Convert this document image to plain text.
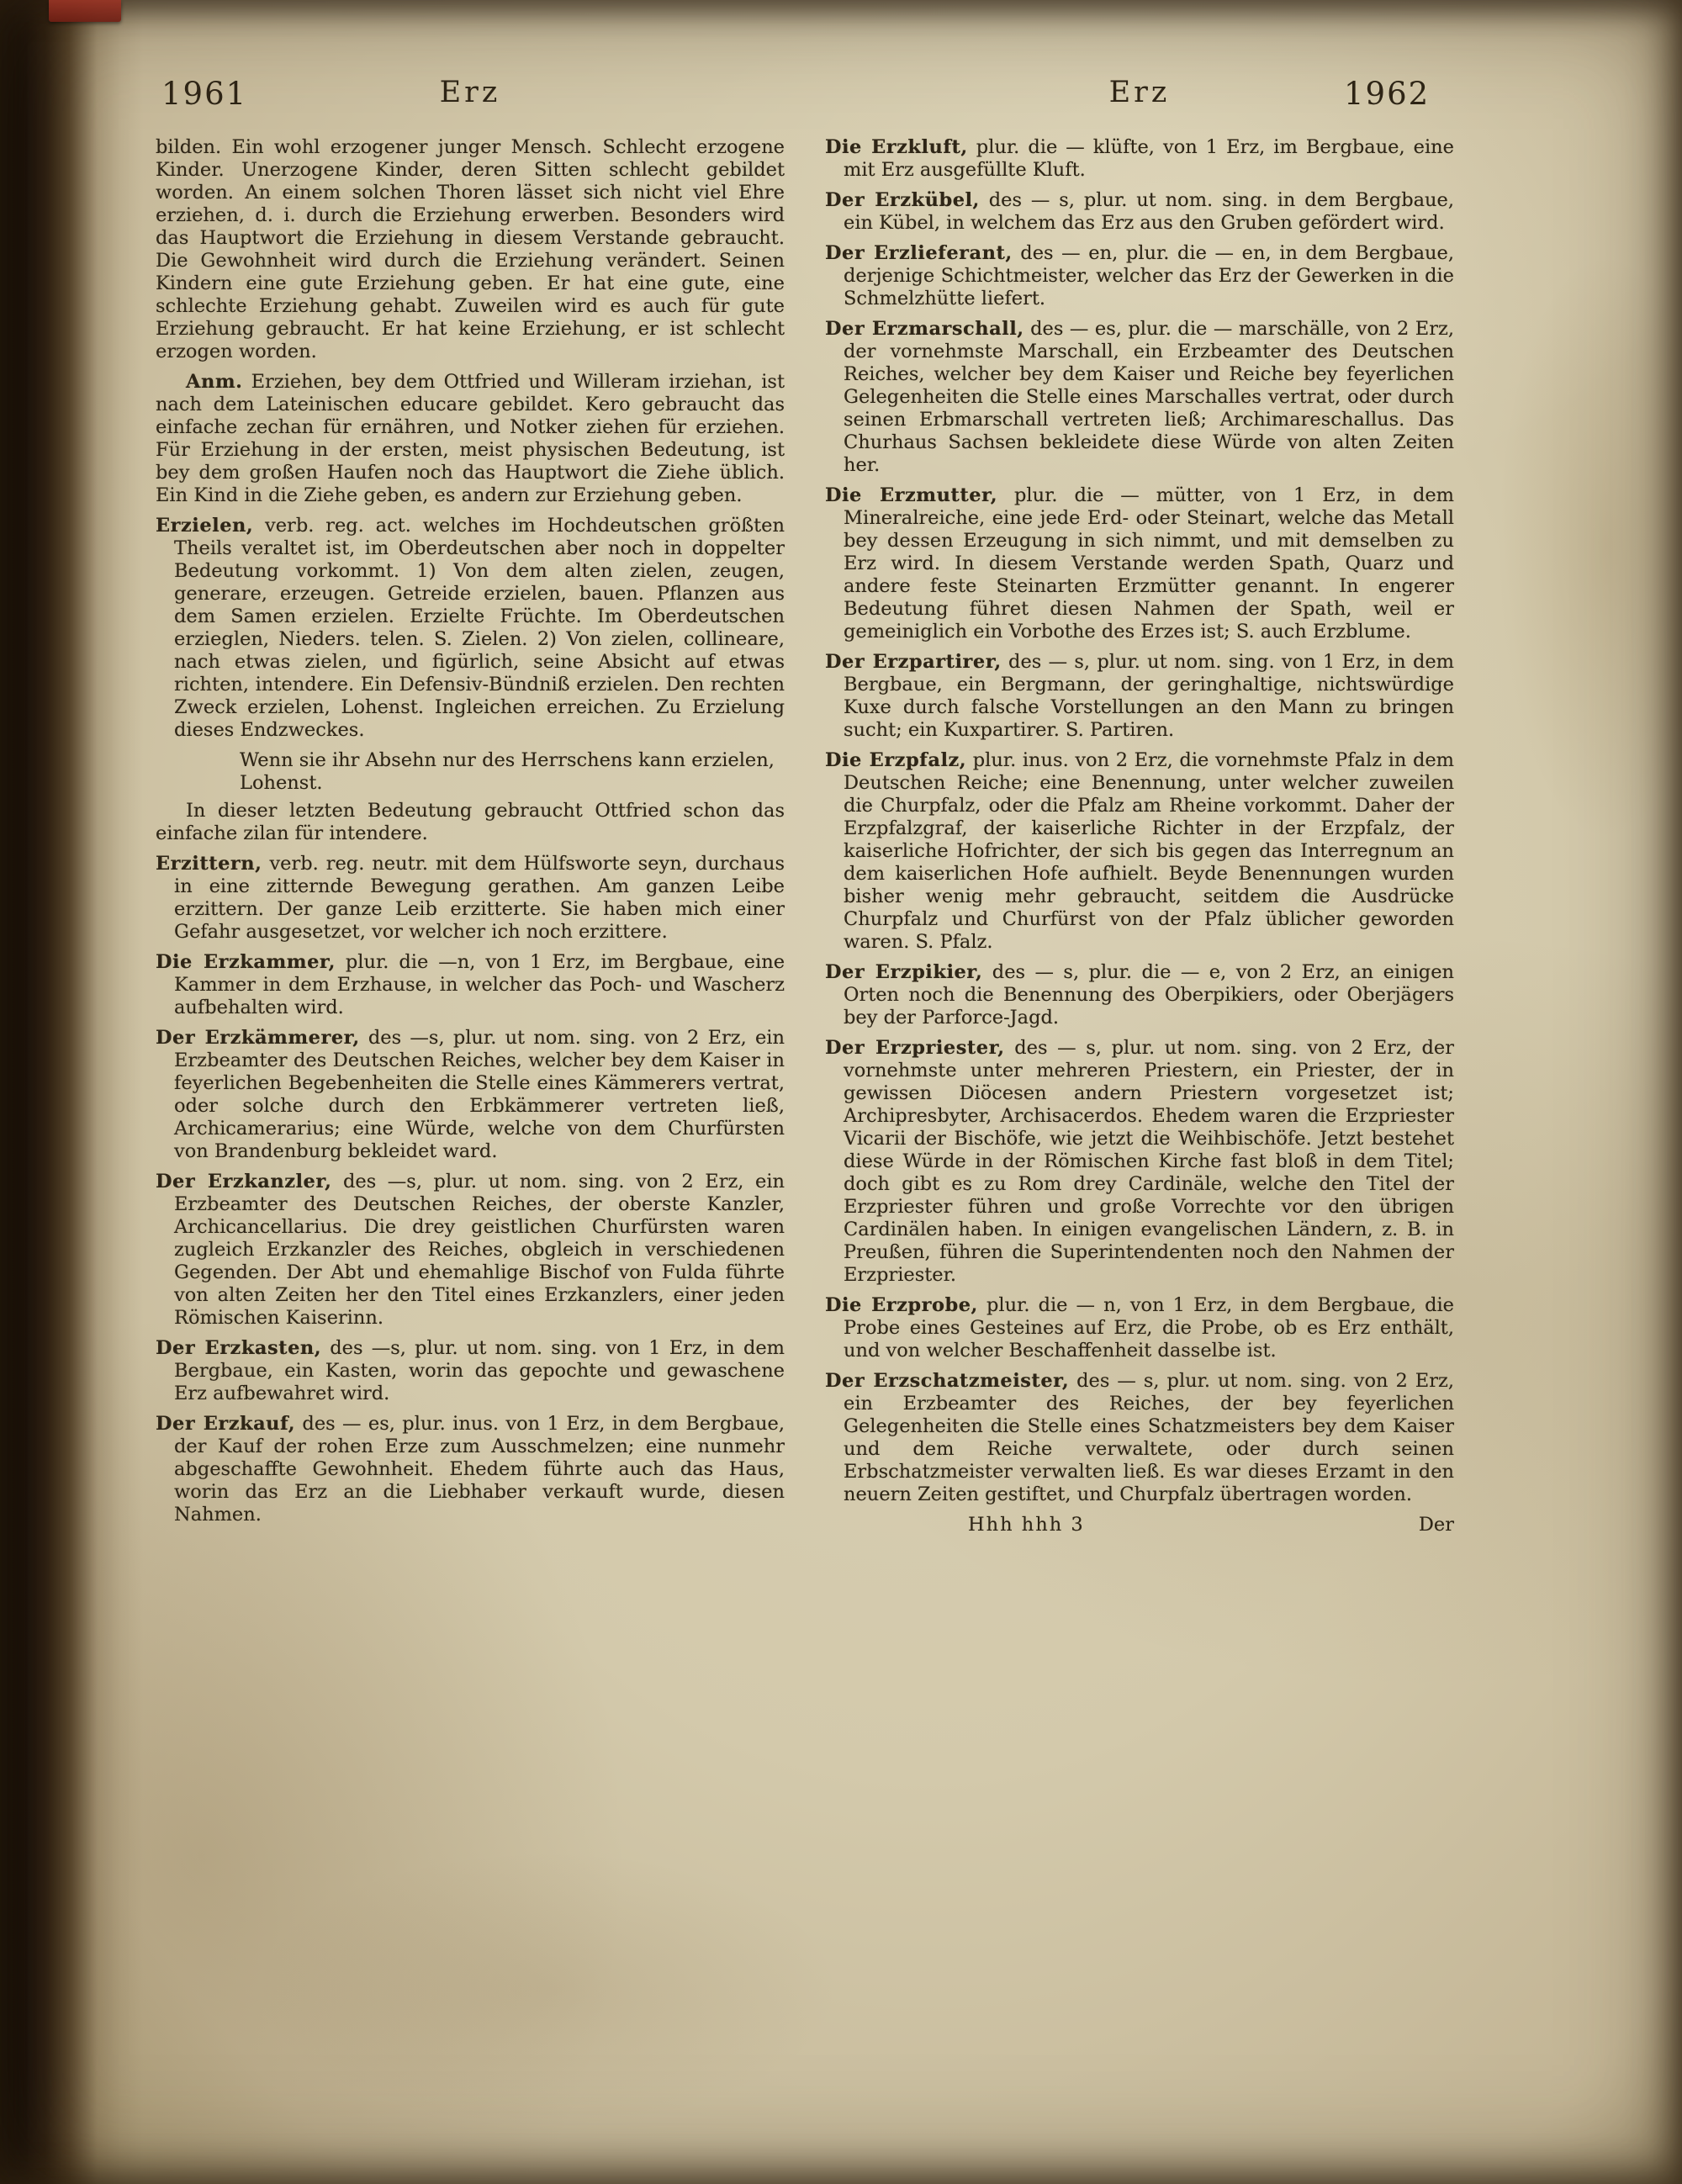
1961	Erz	Erz	1962

bilden. Ein wohl erzogener junger Mensch. Schlecht erzogene Kinder. Unerzogene Kinder, deren Sitten schlecht gebildet worden. An einem solchen Thoren lässet sich nicht viel Ehre erziehen, d. i. durch die Erziehung erwerben. Besonders wird das Hauptwort die Erziehung in diesem Verstande gebraucht. Die Gewohnheit wird durch die Erziehung verändert. Seinen Kindern eine gute Erziehung geben. Er hat eine gute, eine schlechte Erziehung gehabt. Zuweilen wird es auch für gute Erziehung gebraucht. Er hat keine Erziehung, er ist schlecht erzogen worden.

Anm. Erziehen, bey dem Ottfried und Willeram irziehan, ist nach dem Lateinischen educare gebildet. Kero gebraucht das einfache zechan für ernähren, und Notker ziehen für erziehen. Für Erziehung in der ersten, meist physischen Bedeutung, ist bey dem großen Haufen noch das Hauptwort die Ziehe üblich. Ein Kind in die Ziehe geben, es andern zur Erziehung geben.

Erzielen, verb. reg. act. welches im Hochdeutschen größten Theils veraltet ist, im Oberdeutschen aber noch in doppelter Bedeutung vorkommt. 1) Von dem alten zielen, zeugen, generare, erzeugen. Getreide erzielen, bauen. Pflanzen aus dem Samen erzielen. Erzielte Früchte. Im Oberdeutschen erzieglen, Nieders. telen. S. Zielen. 2) Von zielen, collineare, nach etwas zielen, und figürlich, seine Absicht auf etwas richten, intendere. Ein Defensiv-Bündniß erzielen. Den rechten Zweck erzielen, Lohenst. Ingleichen erreichen. Zu Erzielung dieses Endzweckes.

Wenn sie ihr Absehn nur des Herrschens kann erzielen, Lohenst.

In dieser letzten Bedeutung gebraucht Ottfried schon das einfache zilan für intendere.

Erzittern, verb. reg. neutr. mit dem Hülfsworte seyn, durchaus in eine zitternde Bewegung gerathen. Am ganzen Leibe erzittern. Der ganze Leib erzitterte. Sie haben mich einer Gefahr ausgesetzet, vor welcher ich noch erzittere.

Die Erzkammer, plur. die —n, von 1 Erz, im Bergbaue, eine Kammer in dem Erzhause, in welcher das Poch- und Wascherz aufbehalten wird.

Der Erzkämmerer, des —s, plur. ut nom. sing. von 2 Erz, ein Erzbeamter des Deutschen Reiches, welcher bey dem Kaiser in feyerlichen Begebenheiten die Stelle eines Kämmerers vertrat, oder solche durch den Erbkämmerer vertreten ließ, Archicamerarius; eine Würde, welche von dem Churfürsten von Brandenburg bekleidet ward.

Der Erzkanzler, des —s, plur. ut nom. sing. von 2 Erz, ein Erzbeamter des Deutschen Reiches, der oberste Kanzler, Archicancellarius. Die drey geistlichen Churfürsten waren zugleich Erzkanzler des Reiches, obgleich in verschiedenen Gegenden. Der Abt und ehemahlige Bischof von Fulda führte von alten Zeiten her den Titel eines Erzkanzlers, einer jeden Römischen Kaiserinn.

Der Erzkasten, des —s, plur. ut nom. sing. von 1 Erz, in dem Bergbaue, ein Kasten, worin das gepochte und gewaschene Erz aufbewahret wird.

Der Erzkauf, des — es, plur. inus. von 1 Erz, in dem Bergbaue, der Kauf der rohen Erze zum Ausschmelzen; eine nunmehr abgeschaffte Gewohnheit. Ehedem führte auch das Haus, worin das Erz an die Liebhaber verkauft wurde, diesen Nahmen.

Die Erzkluft, plur. die — klüfte, von 1 Erz, im Bergbaue, eine mit Erz ausgefüllte Kluft.

Der Erzkübel, des — s, plur. ut nom. sing. in dem Bergbaue, ein Kübel, in welchem das Erz aus den Gruben gefördert wird.

Der Erzlieferant, des — en, plur. die — en, in dem Bergbaue, derjenige Schichtmeister, welcher das Erz der Gewerken in die Schmelzhütte liefert.

Der Erzmarschall, des — es, plur. die — marschälle, von 2 Erz, der vornehmste Marschall, ein Erzbeamter des Deutschen Reiches, welcher bey dem Kaiser und Reiche bey feyerlichen Gelegenheiten die Stelle eines Marschalles vertrat, oder durch seinen Erbmarschall vertreten ließ; Archimareschallus. Das Churhaus Sachsen bekleidete diese Würde von alten Zeiten her.

Die Erzmutter, plur. die — mütter, von 1 Erz, in dem Mineralreiche, eine jede Erd- oder Steinart, welche das Metall bey dessen Erzeugung in sich nimmt, und mit demselben zu Erz wird. In diesem Verstande werden Spath, Quarz und andere feste Steinarten Erzmütter genannt. In engerer Bedeutung führet diesen Nahmen der Spath, weil er gemeiniglich ein Vorbothe des Erzes ist; S. auch Erzblume.

Der Erzpartirer, des — s, plur. ut nom. sing. von 1 Erz, in dem Bergbaue, ein Bergmann, der geringhaltige, nichtswürdige Kuxe durch falsche Vorstellungen an den Mann zu bringen sucht; ein Kuxpartirer. S. Partiren.

Die Erzpfalz, plur. inus. von 2 Erz, die vornehmste Pfalz in dem Deutschen Reiche; eine Benennung, unter welcher zuweilen die Churpfalz, oder die Pfalz am Rheine vorkommt. Daher der Erzpfalzgraf, der kaiserliche Richter in der Erzpfalz, der kaiserliche Hofrichter, der sich bis gegen das Interregnum an dem kaiserlichen Hofe aufhielt. Beyde Benennungen wurden bisher wenig mehr gebraucht, seitdem die Ausdrücke Churpfalz und Churfürst von der Pfalz üblicher geworden waren. S. Pfalz.

Der Erzpikier, des — s, plur. die — e, von 2 Erz, an einigen Orten noch die Benennung des Oberpikiers, oder Oberjägers bey der Parforce-Jagd.

Der Erzpriester, des — s, plur. ut nom. sing. von 2 Erz, der vornehmste unter mehreren Priestern, ein Priester, der in gewissen Diöcesen andern Priestern vorgesetzet ist; Archipresbyter, Archisacerdos. Ehedem waren die Erzpriester Vicarii der Bischöfe, wie jetzt die Weihbischöfe. Jetzt bestehet diese Würde in der Römischen Kirche fast bloß in dem Titel; doch gibt es zu Rom drey Cardinäle, welche den Titel der Erzpriester führen und große Vorrechte vor den übrigen Cardinälen haben. In einigen evangelischen Ländern, z. B. in Preußen, führen die Superintendenten noch den Nahmen der Erzpriester.

Die Erzprobe, plur. die — n, von 1 Erz, in dem Bergbaue, die Probe eines Gesteines auf Erz, die Probe, ob es Erz enthält, und von welcher Beschaffenheit dasselbe ist.

Der Erzschatzmeister, des — s, plur. ut nom. sing. von 2 Erz, ein Erzbeamter des Reiches, der bey feyerlichen Gelegenheiten die Stelle eines Schatzmeisters bey dem Kaiser und dem Reiche verwaltete, oder durch seinen Erbschatzmeister verwalten ließ. Es war dieses Erzamt in den neuern Zeiten gestiftet, und Churpfalz übertragen worden.

Hhh hhh 3	Der
